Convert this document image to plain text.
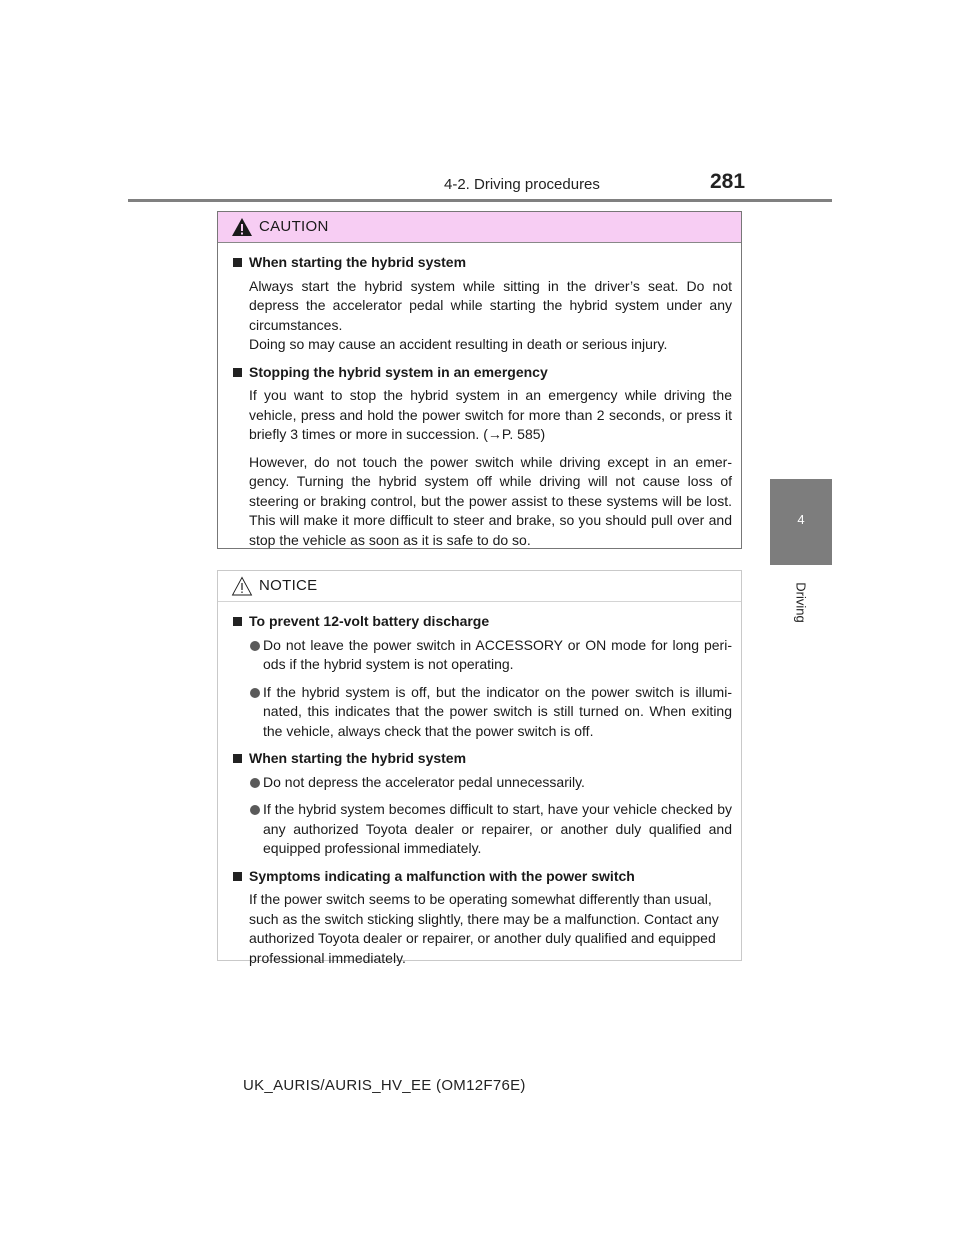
4-2. Driving procedures	281
4
Driving
CAUTION
When starting the hybrid system
Always start the hybrid system while sitting in the driver’s seat. Do not depress the accelerator pedal while starting the hybrid system under any circumstances.
Doing so may cause an accident resulting in death or serious injury.
Stopping the hybrid system in an emergency
If you want to stop the hybrid system in an emergency while driving the vehicle, press and hold the power switch for more than 2 seconds, or press it briefly 3 times or more in succession. (→P. 585)
However, do not touch the power switch while driving except in an emer-gency. Turning the hybrid system off while driving will not cause loss of steering or braking control, but the power assist to these systems will be lost. This will make it more difficult to steer and brake, so you should pull over and stop the vehicle as soon as it is safe to do so.
NOTICE
To prevent 12-volt battery discharge
Do not leave the power switch in ACCESSORY or ON mode for long peri-ods if the hybrid system is not operating.
If the hybrid system is off, but the indicator on the power switch is illumi-nated, this indicates that the power switch is still turned on. When exiting the vehicle, always check that the power switch is off.
When starting the hybrid system
Do not depress the accelerator pedal unnecessarily.
If the hybrid system becomes difficult to start, have your vehicle checked by any authorized Toyota dealer or repairer, or another duly qualified and equipped professional immediately.
Symptoms indicating a malfunction with the power switch
If the power switch seems to be operating somewhat differently than usual, such as the switch sticking slightly, there may be a malfunction. Contact any authorized Toyota dealer or repairer, or another duly qualified and equipped professional immediately.
UK_AURIS/AURIS_HV_EE (OM12F76E)
